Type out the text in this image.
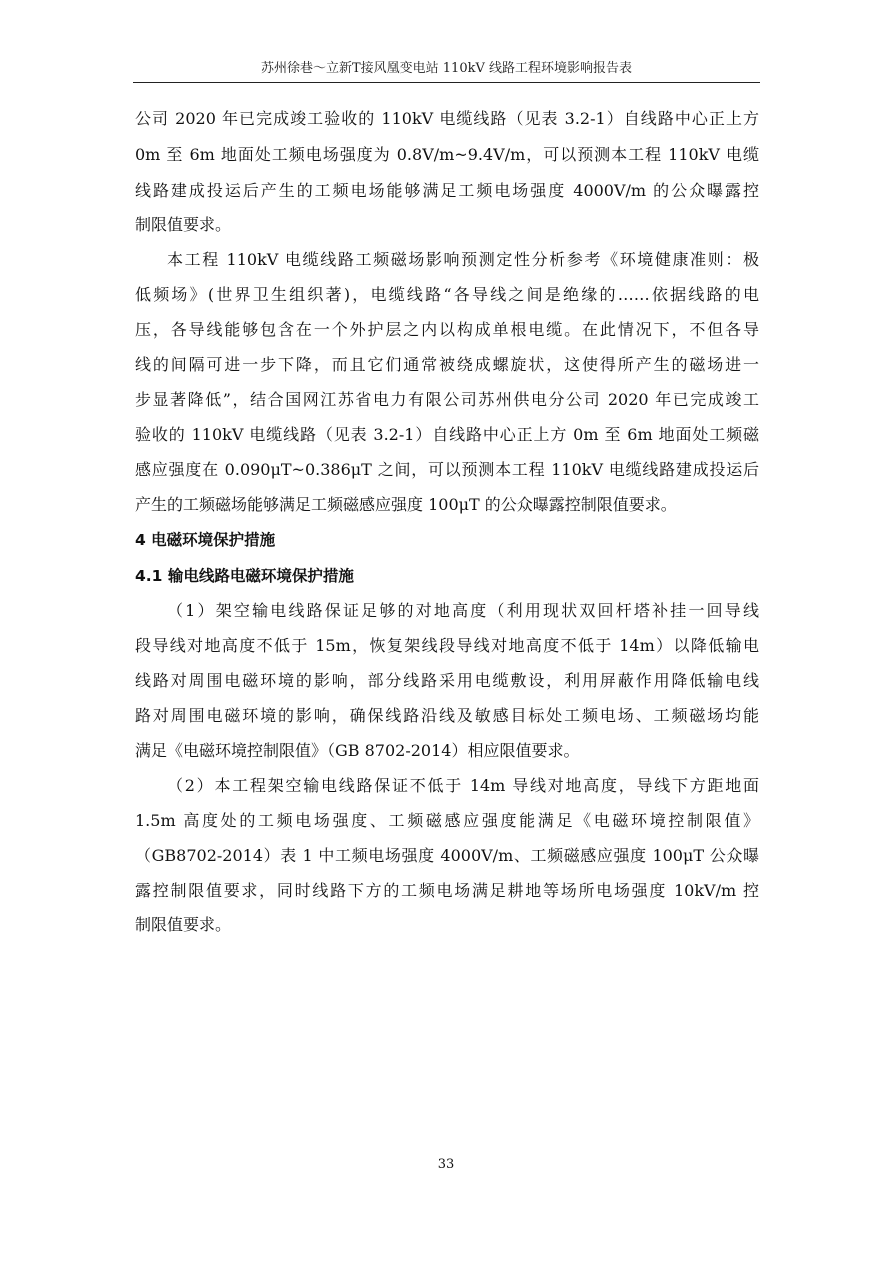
苏州徐巷～立新T接风凰变电站 110kV 线路工程环境影响报告表
公司 2020 年已完成竣工验收的 110kV 电缆线路（见表 3.2-1）自线路中心正上方
0m 至 6m 地面处工频电场强度为 0.8V/m~9.4V/m，可以预测本工程 110kV 电缆
线路建成投运后产生的工频电场能够满足工频电场强度 4000V/m 的公众曝露控
制限值要求。
本工程 110kV 电缆线路工频磁场影响预测定性分析参考《环境健康准则：极
低频场》(世界卫生组织著)，电缆线路“各导线之间是绝缘的……依据线路的电
压，各导线能够包含在一个外护层之内以构成单根电缆。在此情况下，不但各导
线的间隔可进一步下降，而且它们通常被绕成螺旋状，这使得所产生的磁场进一
步显著降低”，结合国网江苏省电力有限公司苏州供电分公司 2020 年已完成竣工
验收的 110kV 电缆线路（见表 3.2-1）自线路中心正上方 0m 至 6m 地面处工频磁
感应强度在 0.090μT~0.386μT 之间，可以预测本工程 110kV 电缆线路建成投运后
产生的工频磁场能够满足工频磁感应强度 100μT 的公众曝露控制限值要求。
4 电磁环境保护措施
4.1 输电线路电磁环境保护措施
（1）架空输电线路保证足够的对地高度（利用现状双回杆塔补挂一回导线
段导线对地高度不低于 15m，恢复架线段导线对地高度不低于 14m）以降低输电
线路对周围电磁环境的影响，部分线路采用电缆敷设，利用屏蔽作用降低输电线
路对周围电磁环境的影响，确保线路沿线及敏感目标处工频电场、工频磁场均能
满足《电磁环境控制限值》（GB 8702-2014）相应限值要求。
（2）本工程架空输电线路保证不低于 14m 导线对地高度，导线下方距地面
1.5m 高度处的工频电场强度、工频磁感应强度能满足《电磁环境控制限值》
（GB8702-2014）表 1 中工频电场强度 4000V/m、工频磁感应强度 100μT 公众曝
露控制限值要求，同时线路下方的工频电场满足耕地等场所电场强度 10kV/m 控
制限值要求。
33
